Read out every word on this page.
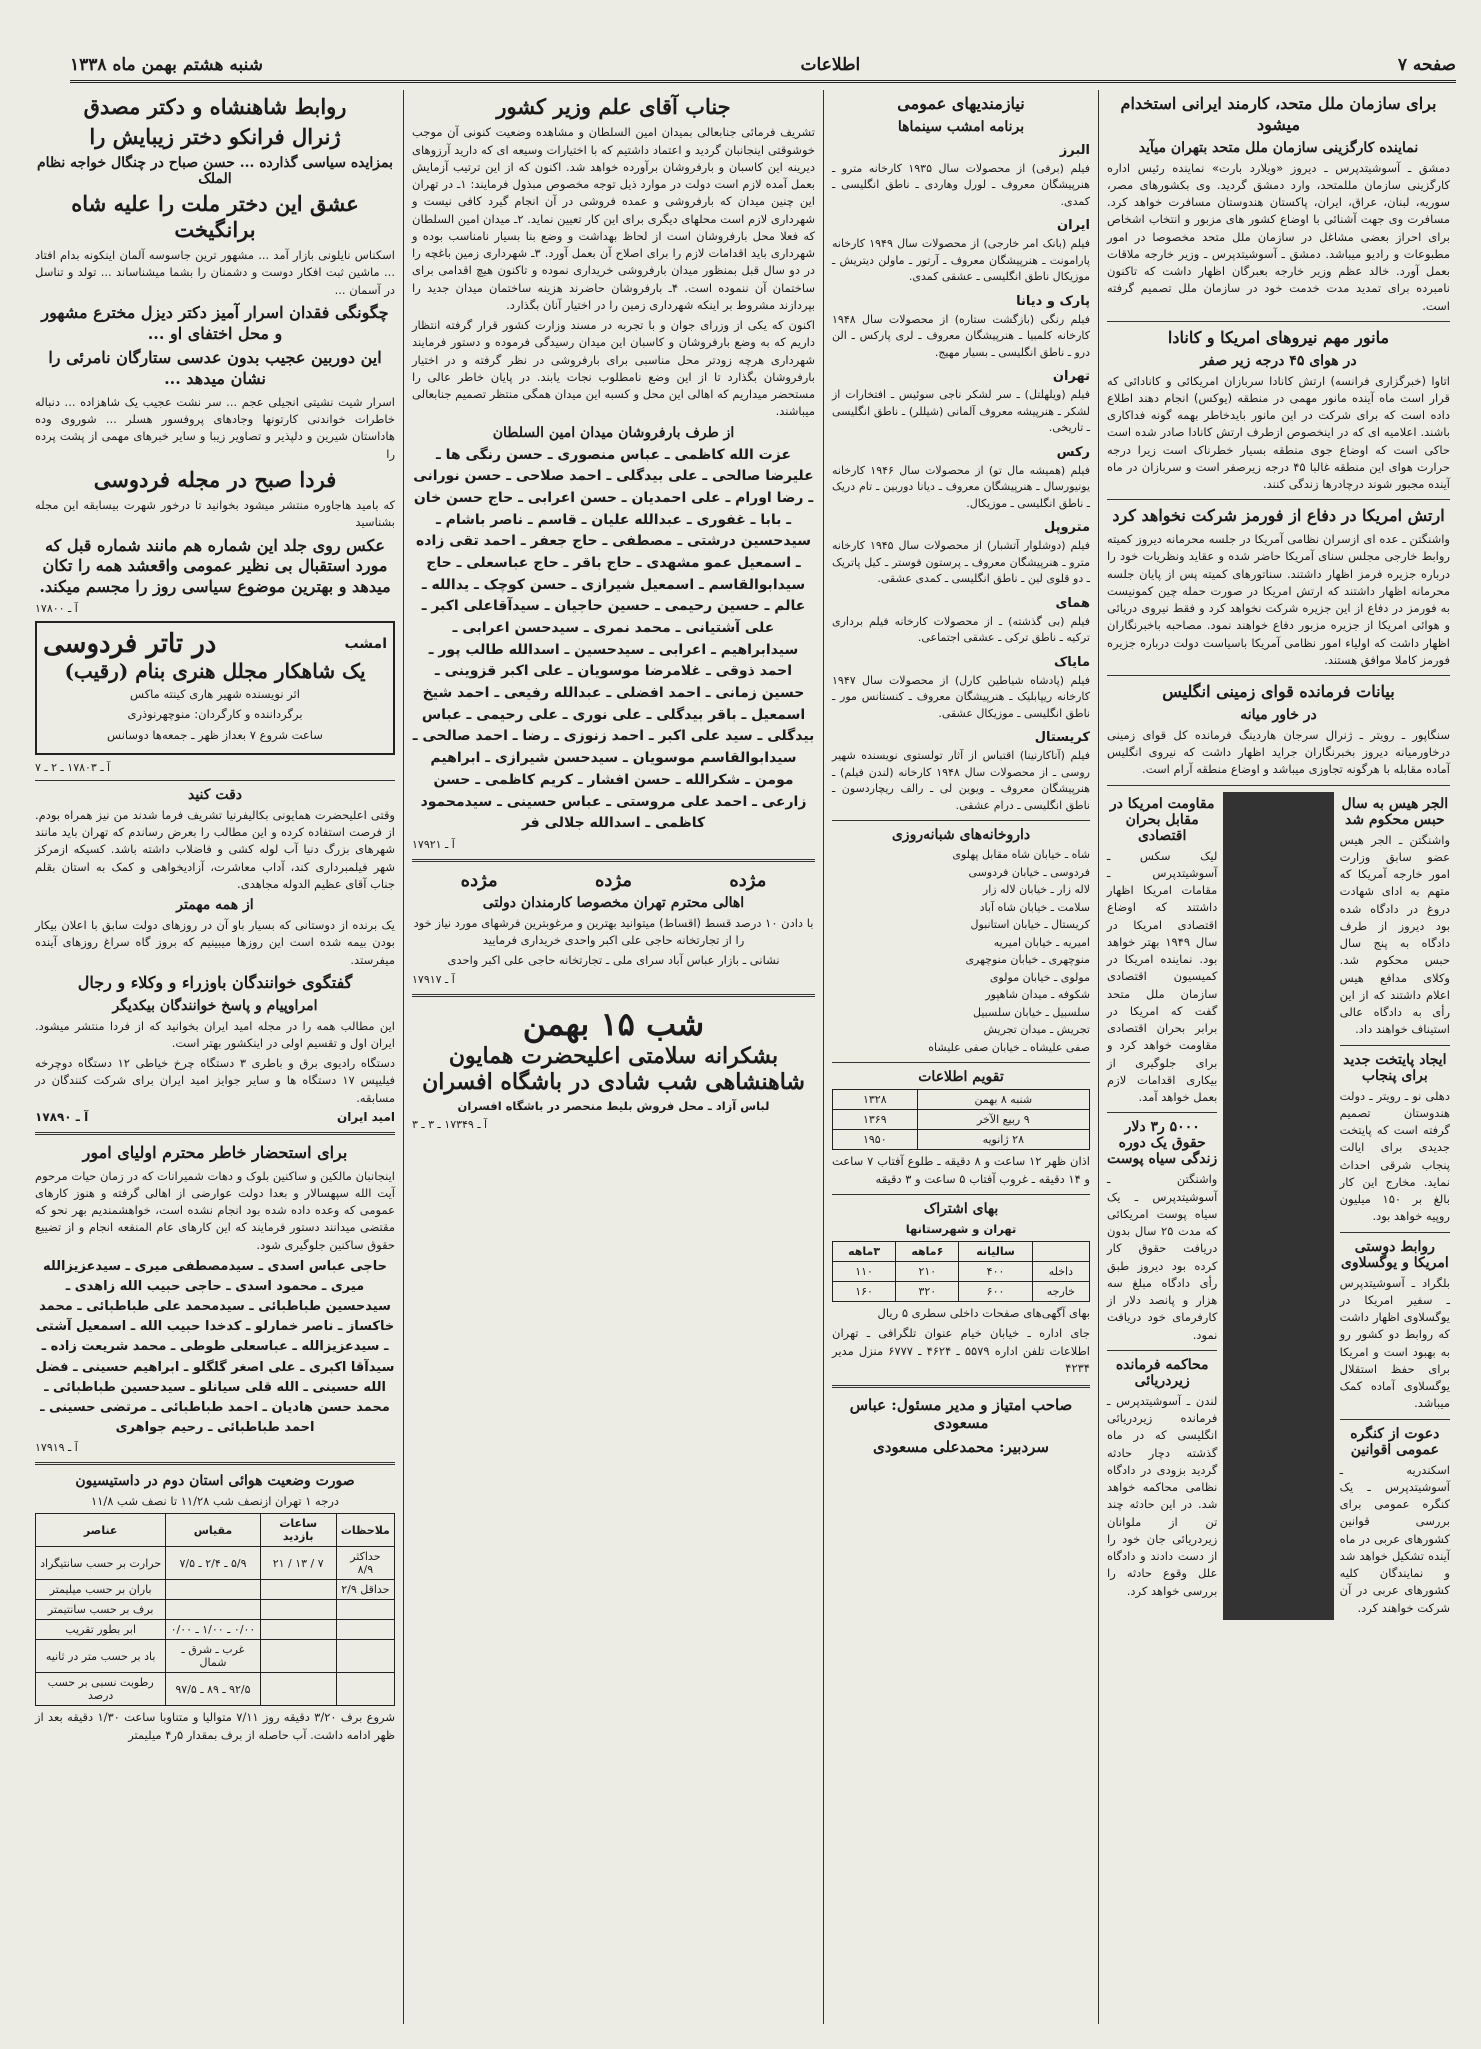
صفحه ۷
اطلاعات
شنبه هشتم بهمن ماه ۱۳۳۸
برای سازمان ملل متحد، کارمند ایرانی استخدام میشود
نماینده کارگزینی سازمان ملل متحد بتهران میآید

دمشق ـ آسوشیتدپرس ـ دیروز «ویلارد بارت» نماینده رئیس اداره کارگزینی سازمان مللمتحد، وارد دمشق گردید. وی بکشورهای مصر، سوریه، لبنان، عراق، ایران، پاکستان هندوستان مسافرت خواهد کرد. مسافرت وی جهت آشنائی با اوضاع کشور های مزبور و انتخاب اشخاص برای احراز بعضی مشاغل در سازمان ملل متحد مخصوصا در امور مطبوعات و رادیو میباشد. دمشق ـ آسوشیتدپرس ـ وزیر خارجه ملاقات بعمل آورد. خالد عظم وزیر خارجه بعبرگان اظهار داشت که تاکنون نامبرده برای تمدید مدت خدمت خود در سازمان ملل تصمیم گرفته است.

مانور مهم نیروهای امریکا و کانادا
در هوای ۴۵ درجه زیر صفر

اتاوا (خبرگزاری فرانسه) ارتش کانادا سربازان امریکائی و کانادائی که قرار است ماه آینده مانور مهمی در منطقه (یوکس) انجام دهند اطلاع داده است که برای شرکت در این مانور بایدخاطر بهمه گونه فداکاری باشند. اعلامیه ای که در اینخصوص ازطرف ارتش کانادا صادر شده است حاکی است که اوضاع جوی منطقه بسیار خطرناک است زیرا درجه حرارت هوای این منطقه غالبا ۴۵ درجه زیرصفر است و سربازان در ماه آینده مجبور شوند درچادرها زندگی کنند.

ارتش امریکا در دفاع از فورمز شرکت نخواهد کرد

واشنگتن ـ عده ای ازسران نظامی آمریکا در جلسه محرمانه دیروز کمیته روابط خارجی مجلس سنای آمریکا حاضر شده و عقاید ونظریات خود را درباره جزیره فرمز اظهار داشتند. سناتورهای کمیته پس از پایان جلسه محرمانه اظهار داشتند که ارتش امریکا در صورت حمله چین کمونیست به فورمز در دفاع از این جزیره شرکت نخواهد کرد و فقط نیروی دریائی و هوائی امریکا از جزیره مزبور دفاع خواهند نمود. مصاحبه باخبرنگاران اظهار داشت که اولیاء امور نظامی آمریکا باسیاست دولت درباره جزیره فورمز کاملا موافق هستند.

بیانات فرمانده قوای زمینی انگلیس
در خاور میانه

سنگاپور ـ رویتر ـ ژنرال سرجان هاردینگ فرمانده کل قوای زمینی درخاورمیانه دیروز بخبرنگاران جراید اظهار داشت که نیروی انگلیس آماده مقابله با هرگونه تجاوزی میباشد و اوضاع منطقه آرام است.

الجر هیس به سال حبس محکوم شد

واشنگتن ـ الجر هیس عضو سابق وزارت امور خارجه آمریکا که متهم به ادای شهادت دروغ در دادگاه شده بود دیروز از طرف دادگاه به پنج سال حبس محکوم شد. وکلای مدافع هیس اعلام داشتند که از این رأی به دادگاه عالی استیناف خواهند داد.

ایجاد پایتخت جدید برای پنجاب

دهلی نو ـ رویتر ـ دولت هندوستان تصمیم گرفته است که پایتخت جدیدی برای ایالت پنجاب شرقی احداث نماید. مخارج این کار بالغ بر ۱۵۰ میلیون روپیه خواهد بود.

روابط دوستی امریکا و یوگسلاوی

بلگراد ـ آسوشیتدپرس ـ سفیر امریکا در یوگسلاوی اظهار داشت که روابط دو کشور رو به بهبود است و امریکا برای حفظ استقلال یوگسلاوی آماده کمک میباشد.

دعوت از کنگره عمومی اقوانین

اسکندریه ـ آسوشیتدپرس ـ یک کنگره عمومی برای بررسی قوانین کشورهای عربی در ماه آینده تشکیل خواهد شد و نمایندگان کلیه کشورهای عربی در آن شرکت خواهند کرد.

مقاومت امریکا در مقابل بحران اقتصادی

لیک سکس ـ آسوشیتدپرس ـ مقامات امریکا اظهار داشتند که اوضاع اقتصادی امریکا در سال ۱۹۴۹ بهتر خواهد بود. نماینده امریکا در کمیسیون اقتصادی سازمان ملل متحد گفت که امریکا در برابر بحران اقتصادی مقاومت خواهد کرد و برای جلوگیری از بیکاری اقدامات لازم بعمل خواهد آمد.

۵۰۰۰ ر۳ دلار حقوق یک دوره زندگی سیاه پوست

واشنگتن ـ آسوشیتدپرس ـ یک سیاه پوست امریکائی که مدت ۲۵ سال بدون دریافت حقوق کار کرده بود دیروز طبق رأی دادگاه مبلغ سه هزار و پانصد دلار از کارفرمای خود دریافت نمود.

محاکمه فرمانده زیردریائی

لندن ـ آسوشیتدپرس ـ فرمانده زیردریائی انگلیسی که در ماه گذشته دچار حادثه گردید بزودی در دادگاه نظامی محاکمه خواهد شد. در این حادثه چند تن از ملوانان زیردریائی جان خود را از دست دادند و دادگاه علل وقوع حادثه را بررسی خواهد کرد.

نیازمندیهای عمومی
برنامه امشب سینماها
البرز

فیلم (برفی) از محصولات سال ۱۹۳۵ کارخانه مترو ـ هنرپیشگان معروف ـ لورل وهاردی ـ ناطق انگلیسی ـ کمدی.

ایران

فیلم (بانک امر خارجی) از محصولات سال ۱۹۴۹ کارخانه پارامونت ـ هنرپیشگان معروف ـ آرتور ـ ماولن دیتریش ـ موزیکال ناطق انگلیسی ـ عشقی کمدی.

پارک و دیانا

فیلم رنگی (بازگشت ستاره) از محصولات سال ۱۹۴۸ کارخانه کلمبیا ـ هنرپیشگان معروف ـ لری پارکس ـ الن درو ـ ناطق انگلیسی ـ بسیار مهیج.

تهران

فیلم (ویلهلتل) ـ سر لشکر ناجی سوئیس ـ افتخارات از لشکر ـ هنرپیشه معروف آلمانی (شیللر) ـ ناطق انگلیسی ـ تاریخی.

رکس

فیلم (همیشه مال تو) از محصولات سال ۱۹۴۶ کارخانه یونیورسال ـ هنرپیشگان معروف ـ دیانا دوربین ـ تام دریک ـ ناطق انگلیسی ـ موزیکال.

متروپل

فیلم (دوشلوار آتشبار) از محصولات سال ۱۹۴۵ کارخانه مترو ـ هنرپیشگان معروف ـ پرستون فوستر ـ کیل پاتریک ـ دو قلوی لین ـ ناطق انگلیسی ـ کمدی عشقی.

همای

فیلم (بی گذشته) ـ از محصولات کارخانه فیلم برداری ترکیه ـ ناطق ترکی ـ عشقی اجتماعی.

مایاک

فیلم (پادشاه شیاطین کارل) از محصولات سال ۱۹۴۷ کارخانه ریپابلیک ـ هنرپیشگان معروف ـ کنستانس مور ـ ناطق انگلیسی ـ موزیکال عشقی.

کریستال

فیلم (آناکارنینا) اقتباس از آثار تولستوی نویسنده شهیر روسی ـ از محصولات سال ۱۹۴۸ کارخانه (لندن فیلم) ـ هنرپیشگان معروف ـ ویوین لی ـ رالف ریچاردسون ـ ناطق انگلیسی ـ درام عشقی.

داروخانه‌های شبانه‌روزی

شاه ـ خیابان شاه مقابل پهلوی

فردوسی ـ خیابان فردوسی

لاله زار ـ خیابان لاله زار

سلامت ـ خیابان شاه آباد

کریستال ـ خیابان استانبول

امیریه ـ خیابان امیریه

منوچهری ـ خیابان منوچهری

مولوی ـ خیابان مولوی

شکوفه ـ میدان شاهپور

سلسبیل ـ خیابان سلسبیل

تجریش ـ میدان تجریش

صفی علیشاه ـ خیابان صفی علیشاه

تقویم اطلاعات
شنبه ۸ بهمن	۱۳۲۸
۹ ربیع الآخر	۱۳۶۹
۲۸ ژانویه	۱۹۵۰

اذان ظهر ۱۲ ساعت و ۸ دقیقه ـ طلوع آفتاب ۷ ساعت و ۱۴ دقیقه ـ غروب آفتاب ۵ ساعت و ۳ دقیقه

بهای اشتراک

تهران و شهرستانها

	سالیانه	۶ماهه	۳ماهه
داخله	۴۰۰	۲۱۰	۱۱۰
خارجه	۶۰۰	۳۲۰	۱۶۰

بهای آگهی‌های صفحات داخلی سطری ۵ ریال

جای اداره ـ خیابان خیام عنوان تلگرافی ـ تهران اطلاعات تلفن اداره ۵۵۷۹ ـ ۴۶۲۴ ـ ۶۷۷۷ منزل مدیر ۴۲۳۴

صاحب امتیاز و مدیر مسئول: عباس مسعودی
سردبیر: محمدعلی مسعودی
جناب آقای علم وزیر کشور

تشریف فرمائی جنابعالی بمیدان امین السلطان و مشاهده وضعیت کنونی آن موجب خوشوقتی اینجانبان گردید و اعتماد داشتیم که با اختیارات وسیعه ای که دارید آرزوهای دیرینه این کاسبان و بارفروشان برآورده خواهد شد. اکنون که از این ترتیب آزمایش بعمل آمده لازم است دولت در موارد ذیل توجه مخصوص مبذول فرمایند: ۱ـ در تهران این چنین میدان که بارفروشی و عمده فروشی در آن انجام گیرد کافی نیست و شهرداری لازم است محلهای دیگری برای این کار تعیین نماید. ۲ـ میدان امین السلطان که فعلا محل بارفروشان است از لحاظ بهداشت و وضع بنا بسیار نامناسب بوده و شهرداری باید اقدامات لازم را برای اصلاح آن بعمل آورد. ۳ـ شهرداری زمین باغچه را در دو سال قبل بمنظور میدان بارفروشی خریداری نموده و تاکنون هیچ اقدامی برای ساختمان آن ننموده است. ۴ـ بارفروشان حاضرند هزینه ساختمان میدان جدید را بپردازند مشروط بر اینکه شهرداری زمین را در اختیار آنان بگذارد.

اکنون که یکی از وزرای جوان و با تجربه در مسند وزارت کشور قرار گرفته انتظار داریم که به وضع بارفروشان و کاسبان این میدان رسیدگی فرموده و دستور فرمایند شهرداری هرچه زودتر محل مناسبی برای بارفروشی در نظر گرفته و در اختیار بارفروشان بگذارد تا از این وضع نامطلوب نجات یابند. در پایان خاطر عالی را مستحضر میداریم که اهالی این محل و کسبه این میدان همگی منتظر تصمیم جنابعالی میباشند.

از طرف بارفروشان میدان امین السلطان

عزت الله کاظمی ـ عباس منصوری ـ حسن رنگی ها ـ علیرضا صالحی ـ علی بیدگلی ـ احمد صلاحی ـ حسن نورانی ـ رضا اورام ـ علی احمدیان ـ حسن اعرابی ـ حاج حسن خان ـ بابا ـ غفوری ـ عبدالله علیان ـ قاسم ـ ناصر باشام ـ سیدحسین درشتی ـ مصطفی ـ حاج جعفر ـ احمد تقی زاده ـ اسمعیل عمو مشهدی ـ حاج باقر ـ حاج عباسعلی ـ حاج سیدابوالقاسم ـ اسمعیل شیرازی ـ حسن کوچک ـ یدالله ـ عالم ـ حسین رحیمی ـ حسین حاجیان ـ سیدآقاعلی اکبر ـ علی آشتیانی ـ محمد نمری ـ سیدحسن اعرابی ـ سیدابراهیم ـ اعرابی ـ سیدحسین ـ اسدالله طالب پور ـ احمد ذوقی ـ غلامرضا موسویان ـ علی اکبر قزوینی ـ حسین زمانی ـ احمد افضلی ـ عبدالله رفیعی ـ احمد شیخ اسمعیل ـ باقر بیدگلی ـ علی نوری ـ علی رحیمی ـ عباس بیدگلی ـ سید علی اکبر ـ احمد زنوزی ـ رضا ـ احمد صالحی ـ سیدابوالقاسم موسویان ـ سیدحسن شیرازی ـ ابراهیم مومن ـ شکرالله ـ حسن افشار ـ کریم کاظمی ـ حسن زارعی ـ احمد علی مروستی ـ عباس حسینی ـ سیدمحمود کاظمی ـ اسدالله جلالی فر

آ ـ ۱۷۹۲۱
مژده
مژده
مژده
اهالی محترم تهران مخصوصا کارمندان دولتی

با دادن ۱۰ درصد قسط (اقساط) میتوانید بهترین و مرغوبترین فرشهای مورد نیاز خود را از تجارتخانه حاجی علی اکبر واحدی خریداری فرمایید

نشانی ـ بازار عباس آباد سرای ملی ـ تجارتخانه حاجی علی اکبر واحدی

آ ـ ۱۷۹۱۷
شب ۱۵ بهمن
بشکرانه سلامتی اعلیحضرت همایون
شاهنشاهی شب شادی در باشگاه افسران

لباس آزاد ـ محل فروش بلیط منحصر در باشگاه افسران

آ ـ ۱۷۳۴۹ ـ ۳ ـ ۳
روابط شاهنشاه و دکتر مصدق
ژنرال فرانکو دختر زیبایش را
بمزایده سیاسی گذارده ... حسن صباح در چنگال خواجه نظام الملک
عشق این دختر ملت را علیه شاه برانگیخت

اسکناس نایلونی بازار آمد ... مشهور ترین جاسوسه آلمان اینکونه بدام افتاد ... ماشین ثبت افکار دوست و دشمنان را بشما میشناساند ... تولد و تناسل در آسمان ...

چگونگی فقدان اسرار آمیز دکتر دیزل مخترع مشهور و محل اختفای او ...
این دوربین عجیب بدون عدسی ستارگان نامرئی را نشان میدهد ...

اسرار شیت نشیتی انجیلی عجم ... سر نشت عجیب یک شاهزاده ... دنباله خاطرات خواندنی کارتونها وجادهای پروفسور هسلر ... شوروی وده هاداستان شیرین و دلپذیر و تصاویر زیبا و سایر خبرهای مهمی از پشت پرده را

فردا صبح در مجله فردوسی

که بامید هاجاوره منتشر میشود بخوانید تا درخور شهرت بیسابقه این مجله بشناسید

عکس روی جلد این شماره هم مانند شماره قبل که مورد استقبال بی نظیر عمومی واقعشد همه را تکان میدهد و بهترین موضوع سیاسی روز را مجسم میکند.
آ ـ ۱۷۸۰۰
امشب
در تاتر فردوسی
یک شاهکار مجلل هنری بنام (رقیب)

اثر نویسنده شهیر هاری کینته ماکس

برگرداننده و کارگردان: منوچهرنوذری

ساعت شروع ۷ بعداز ظهر ـ جمعه‌ها دوسانس

آ ـ ۱۷۸۰۳ ـ ۲ ـ ۷
دقت کنید

وقتی اعلیحضرت همایونی بکالیفرنیا تشریف فرما شدند من نیز همراه بودم. از فرصت استفاده کرده و این مطالب را بعرض رساندم که تهران باید مانند شهرهای بزرگ دنیا آب لوله کشی و فاضلاب داشته باشد. کسیکه ازمرکز شهر فیلمبرداری کند، آداب معاشرت، آزادیخواهی و کمک به استان بقلم جناب آقای عظیم الدوله مجاهدی.

از همه مهمتر

یک برنده از دوستانی که بسیار باو آن در روزهای دولت سابق با اعلان بیکار بودن بیمه شده است این روزها میبینیم که بروز گاه سراغ روزهای آینده میفرستد.

گفتگوی خوانندگان باوزراء و وکلاء و رجال
امراوپیام و پاسخ خوانندگان بیکدیگر

این مطالب همه را در مجله امید ایران بخوانید که از فردا منتشر میشود. ایران اول و تقسیم اولی در اینکشور بهتر است.

دستگاه رادیوی برق و باطری ۳ دستگاه چرخ خیاطی ۱۲ دستگاه دوچرخه فیلیپس ۱۷ دستگاه ها و سایر جوایز امید ایران برای شرکت کنندگان در مسابقه.

امید ایران
آ ـ ۱۷۸۹۰
برای استحضار خاطر محترم اولیای امور

اینجانبان مالکین و ساکنین بلوک و دهات شمیرانات که در زمان حیات مرحوم آیت الله سپهسالار و بعدا دولت عوارضی از اهالی گرفته و هنوز کارهای عمومی که وعده داده شده بود انجام نشده است، خواهشمندیم بهر نحو که مقتضی میدانند دستور فرمایند که این کارهای عام المنفعه انجام و از تضییع حقوق ساکنین جلوگیری شود.

حاجی عباس اسدی ـ سیدمصطفی میری ـ سیدعزیزالله میری ـ محمود اسدی ـ حاجی حبیب الله زاهدی ـ سیدحسین طباطبائی ـ سیدمحمد علی طباطبائی ـ محمد خاکساز ـ ناصر خمارلو ـ کدخدا حبیب الله ـ اسمعیل آشتی ـ سیدعزیزالله ـ عباسعلی طوطی ـ محمد شریعت زاده ـ سیدآقا اکبری ـ علی اصغر گلگلو ـ ابراهیم حسینی ـ فضل الله حسینی ـ الله قلی سیانلو ـ سیدحسین طباطبائی ـ محمد حسن هادیان ـ احمد طباطبائی ـ مرتضی حسینی ـ احمد طباطبائی ـ رحیم جواهری

آ ـ ۱۷۹۱۹
صورت وضعیت هوائی استان دوم در داستیسیون

درجه ۱ تهران ازنصف شب ۱۱/۲۸ تا نصف شب ۱۱/۸

ملاحظات	ساعات بازدید	مقیاس	عناصر
حداکثر ۸/۹	۷ / ۱۳ / ۲۱	۵/۹ ـ ۲/۴ ـ ۷/۵	حرارت بر حسب سانتیگراد
حداقل ۲/۹			باران بر حسب میلیمتر
			برف بر حسب سانتیمتر
		۰/۰۰ ـ ۱/۰۰ ـ ۰/۰۰	ابر بطور تقریب
		غرب ـ شرق ـ شمال	باد بر حسب متر در ثانیه
		۹۲/۵ ـ ۸۹ ـ ۹۷/۵	رطوبت نسبی بر حسب درصد

شروع برف ۳/۲۰ دقیقه روز ۷/۱۱ متوالیا و متناوبا ساعت ۱/۳۰ دقیقه بعد از ظهر ادامه داشت. آب حاصله از برف بمقدار ۵ر۴ میلیمتر
